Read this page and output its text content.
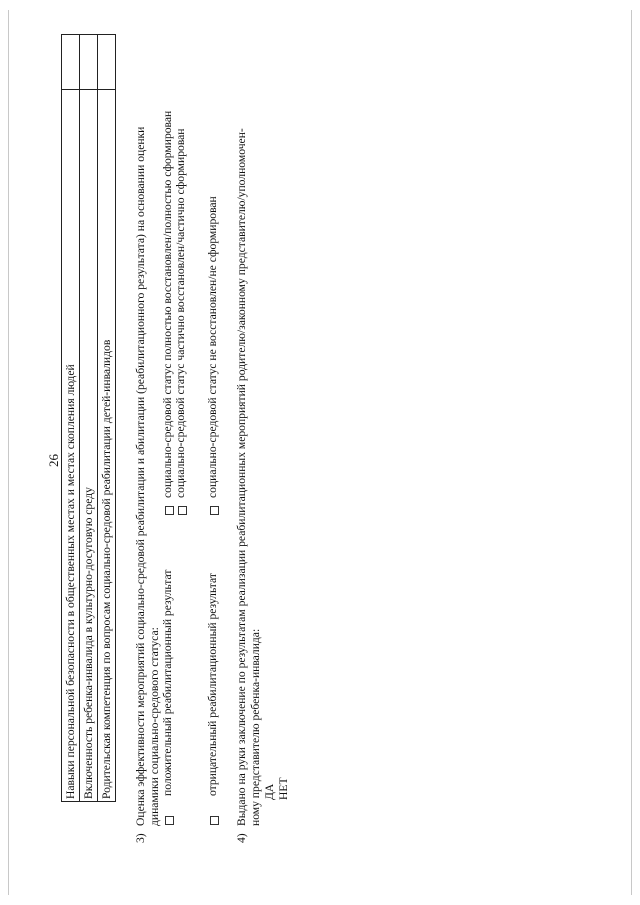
26 Навыки персональной безопасности в общественных местах и местах скопления людей	
Включенность ребенка-инвалида в культурно-досуговую среду	
Родительская компетенция по вопросам социально-средовой реабилитации детей-инвалидов	
3)
Оценка эффективности мероприятий социально-средовой реабилитации и абилитации (реабилитационного результата) на основании оценки динамики социально-средового статуса: положительный реабилитационный результат
социально-средовой статус полностью восстановлен/полностью сформирован социально-средовой статус частично восстановлен/частично сформирован
отрицательный реабилитационный результат
социально-средовой статус не восстановлен/не сформирован
4)
Выдано на руки заключение по результатам реализации реабилитационных мероприятий родителю/законному представителю/уполномочен- ному представителю ребенка-инвалида: ДА НЕТ
